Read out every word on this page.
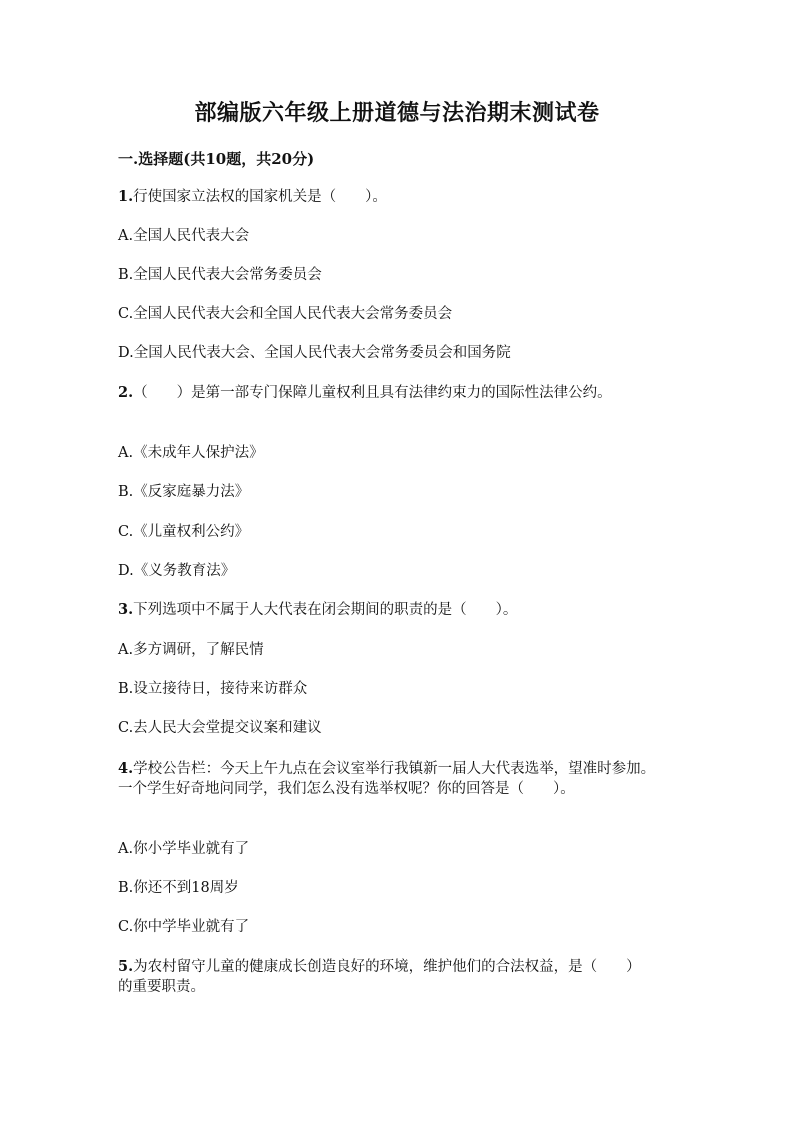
部编版六年级上册道德与法治期末测试卷
一.选择题(共10题，共20分)
1.行使国家立法权的国家机关是（　　）。
A.全国人民代表大会
B.全国人民代表大会常务委员会
C.全国人民代表大会和全国人民代表大会常务委员会
D.全国人民代表大会、全国人民代表大会常务委员会和国务院
2.（　　）是第一部专门保障儿童权利且具有法律约束力的国际性法律公约。
A.《未成年人保护法》
B.《反家庭暴力法》
C.《儿童权利公约》
D.《义务教育法》
3.下列选项中不属于人大代表在闭会期间的职责的是（　　）。
A.多方调研，了解民情
B.设立接待日，接待来访群众
C.去人民大会堂提交议案和建议
4.学校公告栏：今天上午九点在会议室举行我镇新一届人大代表选举，望准时参加。一个学生好奇地问同学，我们怎么没有选举权呢？你的回答是（　　）。
A.你小学毕业就有了
B.你还不到18周岁
C.你中学毕业就有了
5.为农村留守儿童的健康成长创造良好的环境，维护他们的合法权益，是（　　）的重要职责。
